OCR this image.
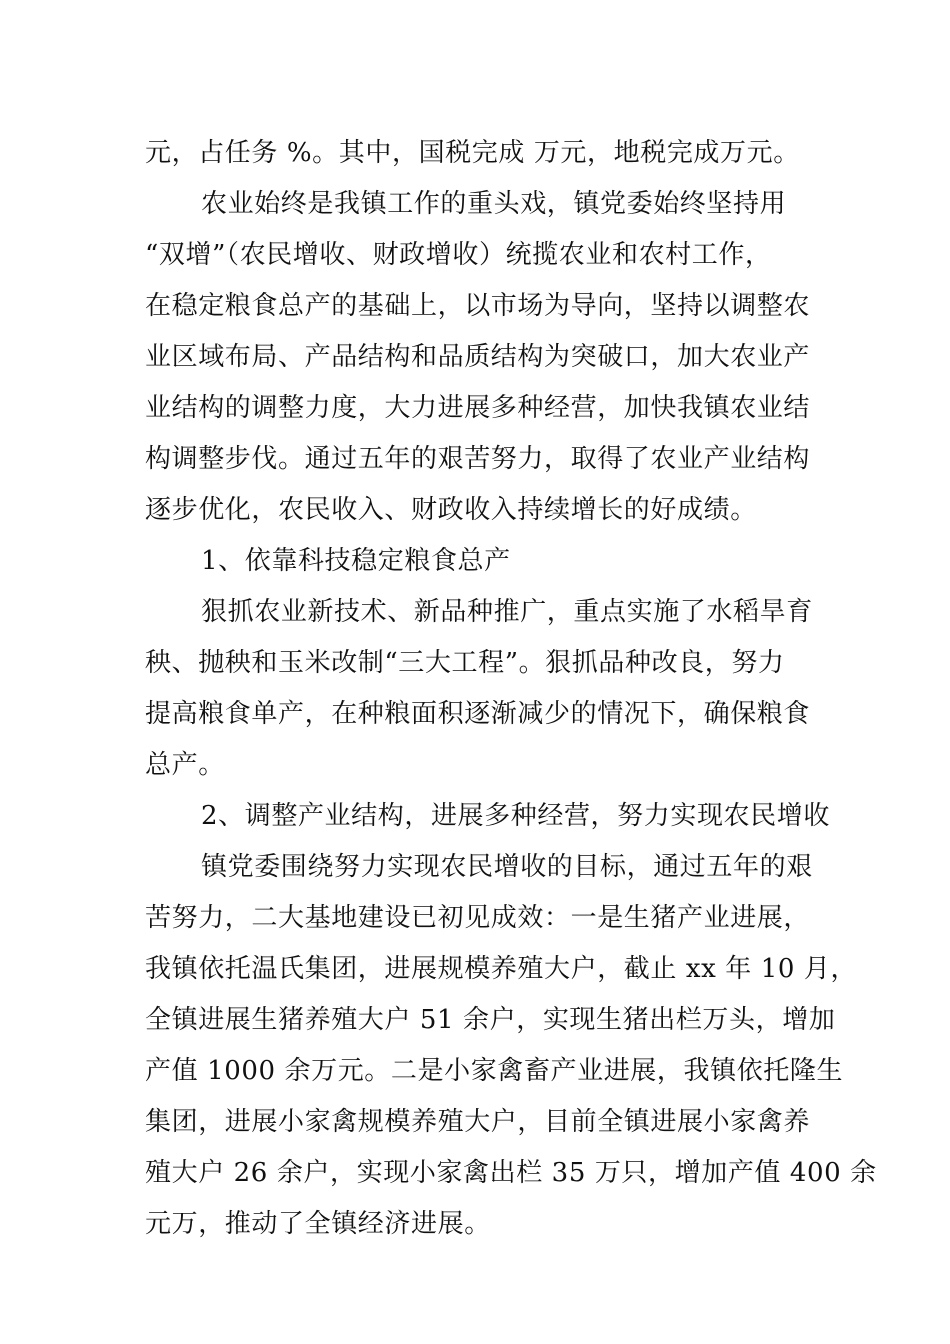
元，占任务 %。其中，国税完成 万元，地税完成万元。
农业始终是我镇工作的重头戏，镇党委始终坚持用
“双增”（农民增收、财政增收）统揽农业和农村工作，
在稳定粮食总产的基础上，以市场为导向，坚持以调整农
业区域布局、产品结构和品质结构为突破口，加大农业产
业结构的调整力度，大力进展多种经营，加快我镇农业结
构调整步伐。通过五年的艰苦努力，取得了农业产业结构
逐步优化，农民收入、财政收入持续增长的好成绩。
1、依靠科技稳定粮食总产
狠抓农业新技术、新品种推广，重点实施了水稻旱育
秧、抛秧和玉米改制“三大工程”。狠抓品种改良，努力
提高粮食单产，在种粮面积逐渐减少的情况下，确保粮食
总产。
2、调整产业结构，进展多种经营，努力实现农民增收
镇党委围绕努力实现农民增收的目标，通过五年的艰
苦努力，二大基地建设已初见成效：一是生猪产业进展，
我镇依托温氏集团，进展规模养殖大户，截止 xx 年 10 月，
全镇进展生猪养殖大户 51 余户，实现生猪出栏万头，增加
产值 1000 余万元。二是小家禽畜产业进展，我镇依托隆生
集团，进展小家禽规模养殖大户，目前全镇进展小家禽养
殖大户 26 余户，实现小家禽出栏 35 万只，增加产值 400 余
元万，推动了全镇经济进展。
